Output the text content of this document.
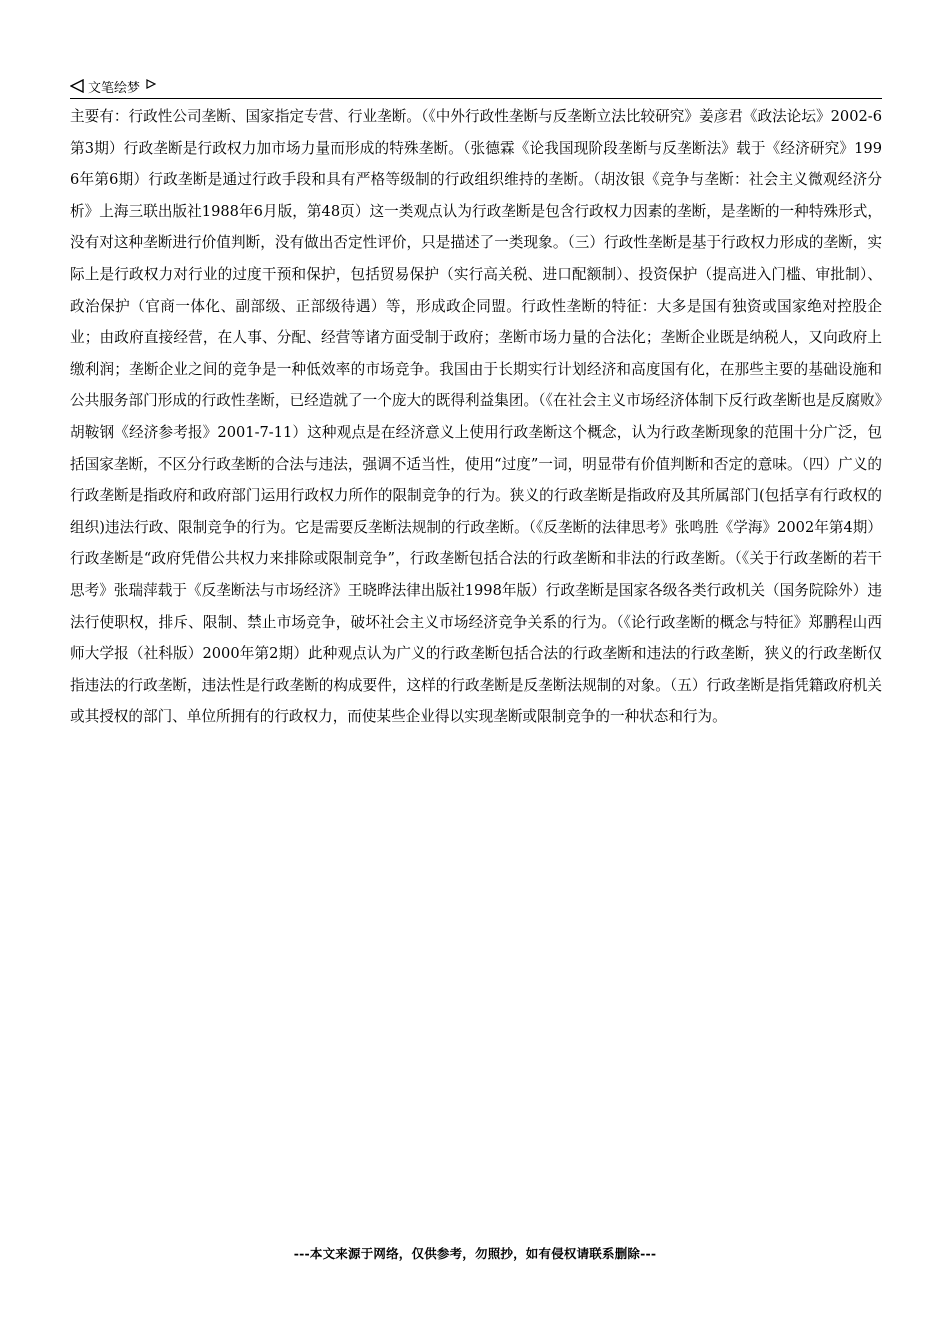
文笔绘梦

主要有：行政性公司垄断、国家指定专营、行业垄断。（《中外行政性垄断与反垄断立法比较研究》姜彦君《政法论坛》2002-6第3期）行政垄断是行政权力加市场力量而形成的特殊垄断。（张德霖《论我国现阶段垄断与反垄断法》载于《经济研究》1996年第6期）行政垄断是通过行政手段和具有严格等级制的行政组织维持的垄断。（胡汝银《竞争与垄断：社会主义微观经济分析》上海三联出版社1988年6月版，第48页）这一类观点认为行政垄断是包含行政权力因素的垄断，是垄断的一种特殊形式，没有对这种垄断进行价值判断，没有做出否定性评价，只是描述了一类现象。（三）行政性垄断是基于行政权力形成的垄断，实际上是行政权力对行业的过度干预和保护，包括贸易保护（实行高关税、进口配额制）、投资保护（提高进入门槛、审批制）、政治保护（官商一体化、副部级、正部级待遇）等，形成政企同盟。行政性垄断的特征：大多是国有独资或国家绝对控股企业；由政府直接经营，在人事、分配、经营等诸方面受制于政府；垄断市场力量的合法化；垄断企业既是纳税人，又向政府上缴利润；垄断企业之间的竞争是一种低效率的市场竞争。我国由于长期实行计划经济和高度国有化，在那些主要的基础设施和公共服务部门形成的行政性垄断，已经造就了一个庞大的既得利益集团。（《在社会主义市场经济体制下反行政垄断也是反腐败》胡鞍钢《经济参考报》2001-7-11）这种观点是在经济意义上使用行政垄断这个概念，认为行政垄断现象的范围十分广泛，包括国家垄断，不区分行政垄断的合法与违法，强调不适当性，使用“过度”一词，明显带有价值判断和否定的意味。（四）广义的行政垄断是指政府和政府部门运用行政权力所作的限制竞争的行为。狭义的行政垄断是指政府及其所属部门(包括享有行政权的组织)违法行政、限制竞争的行为。它是需要反垄断法规制的行政垄断。（《反垄断的法律思考》张鸣胜《学海》2002年第4期）行政垄断是“政府凭借公共权力来排除或限制竞争”，行政垄断包括合法的行政垄断和非法的行政垄断。（《关于行政垄断的若干思考》张瑞萍载于《反垄断法与市场经济》王晓晔法律出版社1998年版）行政垄断是国家各级各类行政机关（国务院除外）违法行使职权，排斥、限制、禁止市场竞争，破坏社会主义市场经济竞争关系的行为。（《论行政垄断的概念与特征》郑鹏程山西师大学报（社科版）2000年第2期）此种观点认为广义的行政垄断包括合法的行政垄断和违法的行政垄断，狭义的行政垄断仅指违法的行政垄断，违法性是行政垄断的构成要件，这样的行政垄断是反垄断法规制的对象。（五）行政垄断是指凭籍政府机关或其授权的部门、单位所拥有的行政权力，而使某些企业得以实现垄断或限制竞争的一种状态和行为。

---本文来源于网络，仅供参考，勿照抄，如有侵权请联系删除---
